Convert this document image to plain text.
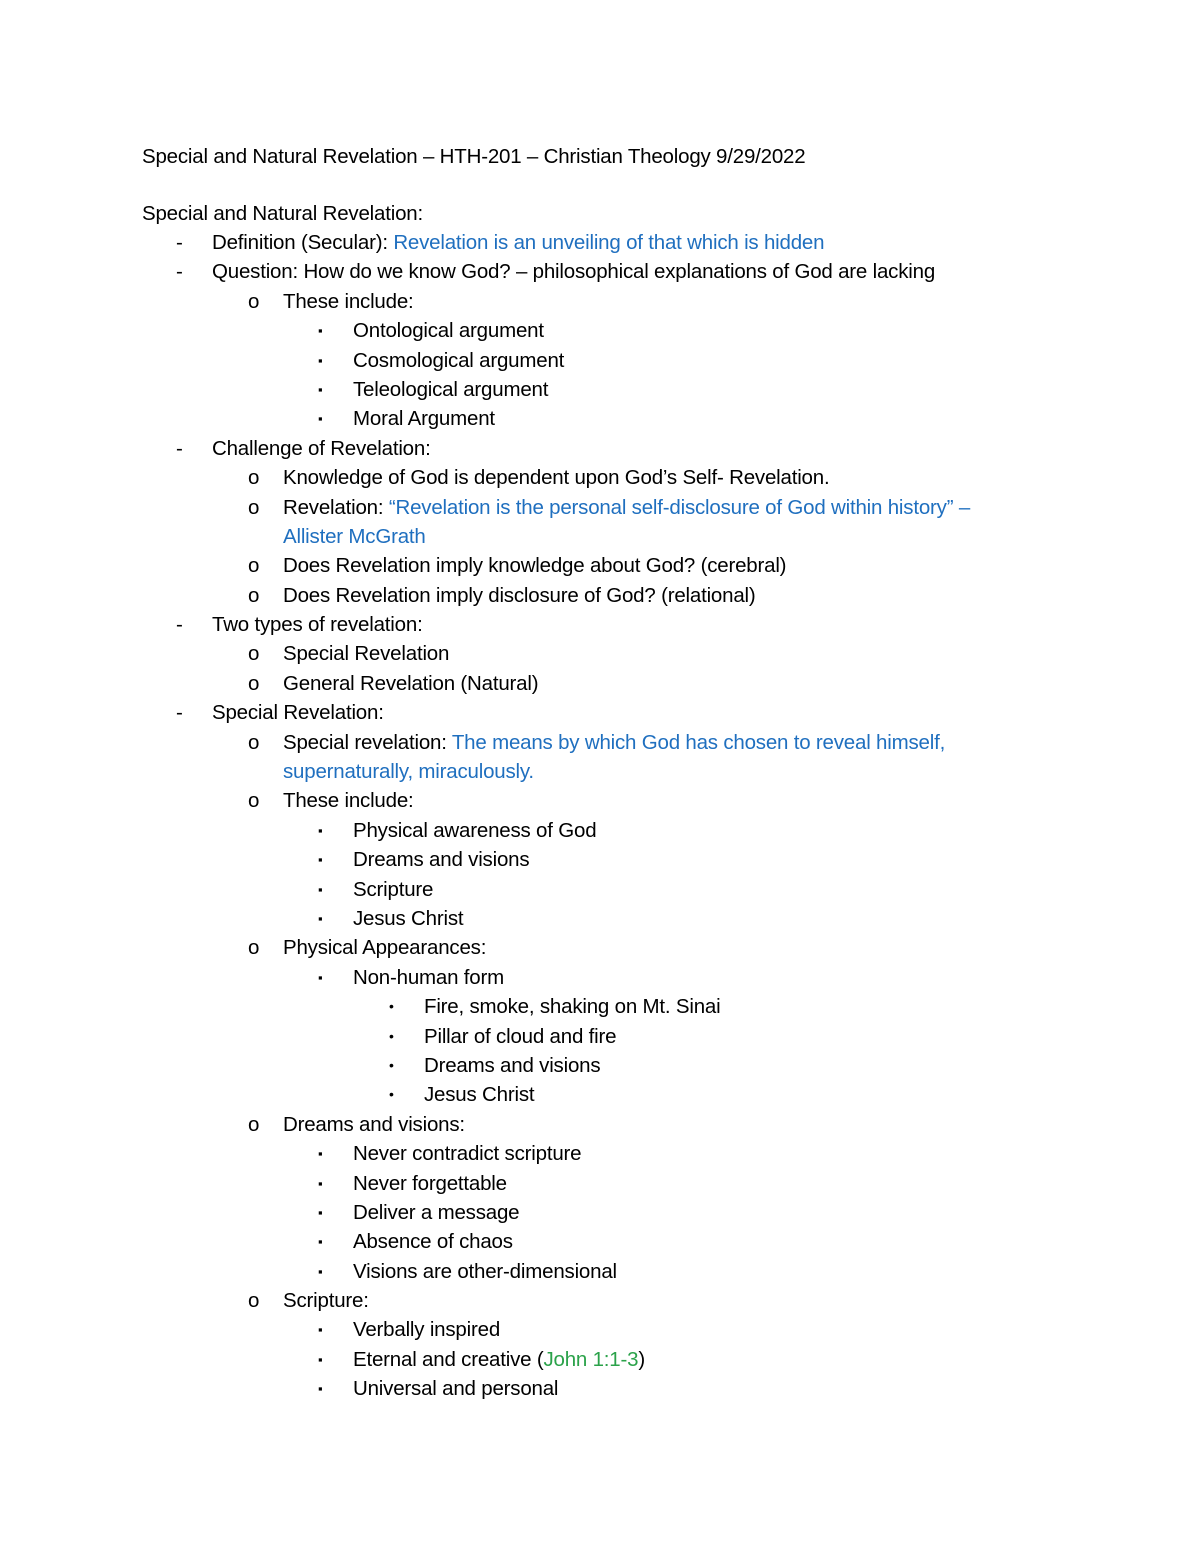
Special and Natural Revelation – HTH-201 – Christian Theology 9/29/2022
Special and Natural Revelation:
- Definition (Secular): Revelation is an unveiling of that which is hidden
- Question: How do we know God? – philosophical explanations of God are lacking
o These include:
▪ Ontological argument
▪ Cosmological argument
▪ Teleological argument
▪ Moral Argument
- Challenge of Revelation:
o Knowledge of God is dependent upon God’s Self- Revelation.
o Revelation: “Revelation is the personal self-disclosure of God within history” –
Allister McGrath
o Does Revelation imply knowledge about God? (cerebral)
o Does Revelation imply disclosure of God? (relational)
- Two types of revelation:
o Special Revelation
o General Revelation (Natural)
- Special Revelation:
o Special revelation: The means by which God has chosen to reveal himself,
supernaturally, miraculously.
o These include:
▪ Physical awareness of God
▪ Dreams and visions
▪ Scripture
▪ Jesus Christ
o Physical Appearances:
▪ Non-human form
• Fire, smoke, shaking on Mt. Sinai
• Pillar of cloud and fire
• Dreams and visions
• Jesus Christ
o Dreams and visions:
▪ Never contradict scripture
▪ Never forgettable
▪ Deliver a message
▪ Absence of chaos
▪ Visions are other-dimensional
o Scripture:
▪ Verbally inspired
▪ Eternal and creative (John 1:1-3)
▪ Universal and personal
